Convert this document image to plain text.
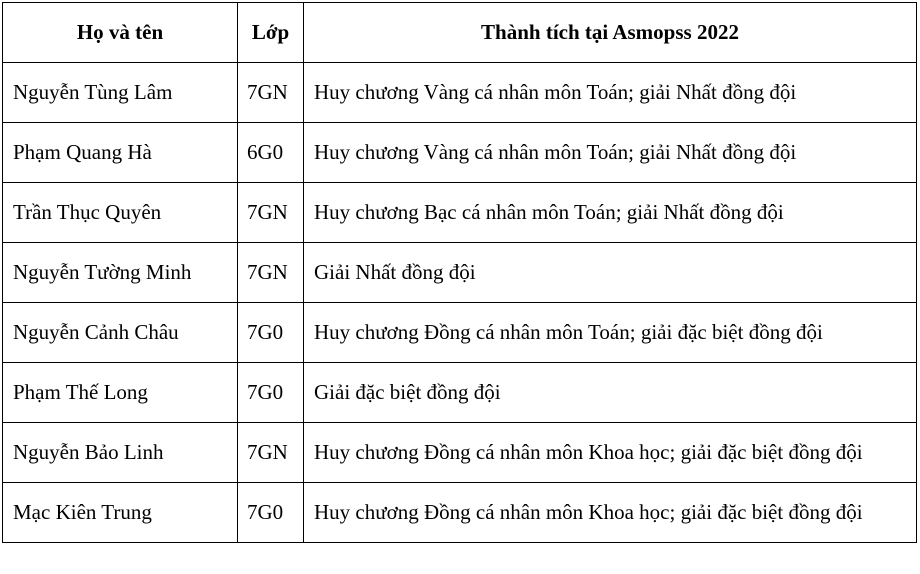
Họ và tên	Lớp	Thành tích tại Asmopss 2022
Nguyễn Tùng Lâm	7GN	Huy chương Vàng cá nhân môn Toán; giải Nhất đồng đội
Phạm Quang Hà	6G0	Huy chương Vàng cá nhân môn Toán; giải Nhất đồng đội
Trần Thục Quyên	7GN	Huy chương Bạc cá nhân môn Toán; giải Nhất đồng đội
Nguyễn Tường Minh	7GN	Giải Nhất đồng đội
Nguyễn Cảnh Châu	7G0	Huy chương Đồng cá nhân môn Toán; giải đặc biệt đồng đội
Phạm Thế Long	7G0	Giải đặc biệt đồng đội
Nguyễn Bảo Linh	7GN	Huy chương Đồng cá nhân môn Khoa học; giải đặc biệt đồng đội
Mạc Kiên Trung	7G0	Huy chương Đồng cá nhân môn Khoa học; giải đặc biệt đồng đội
